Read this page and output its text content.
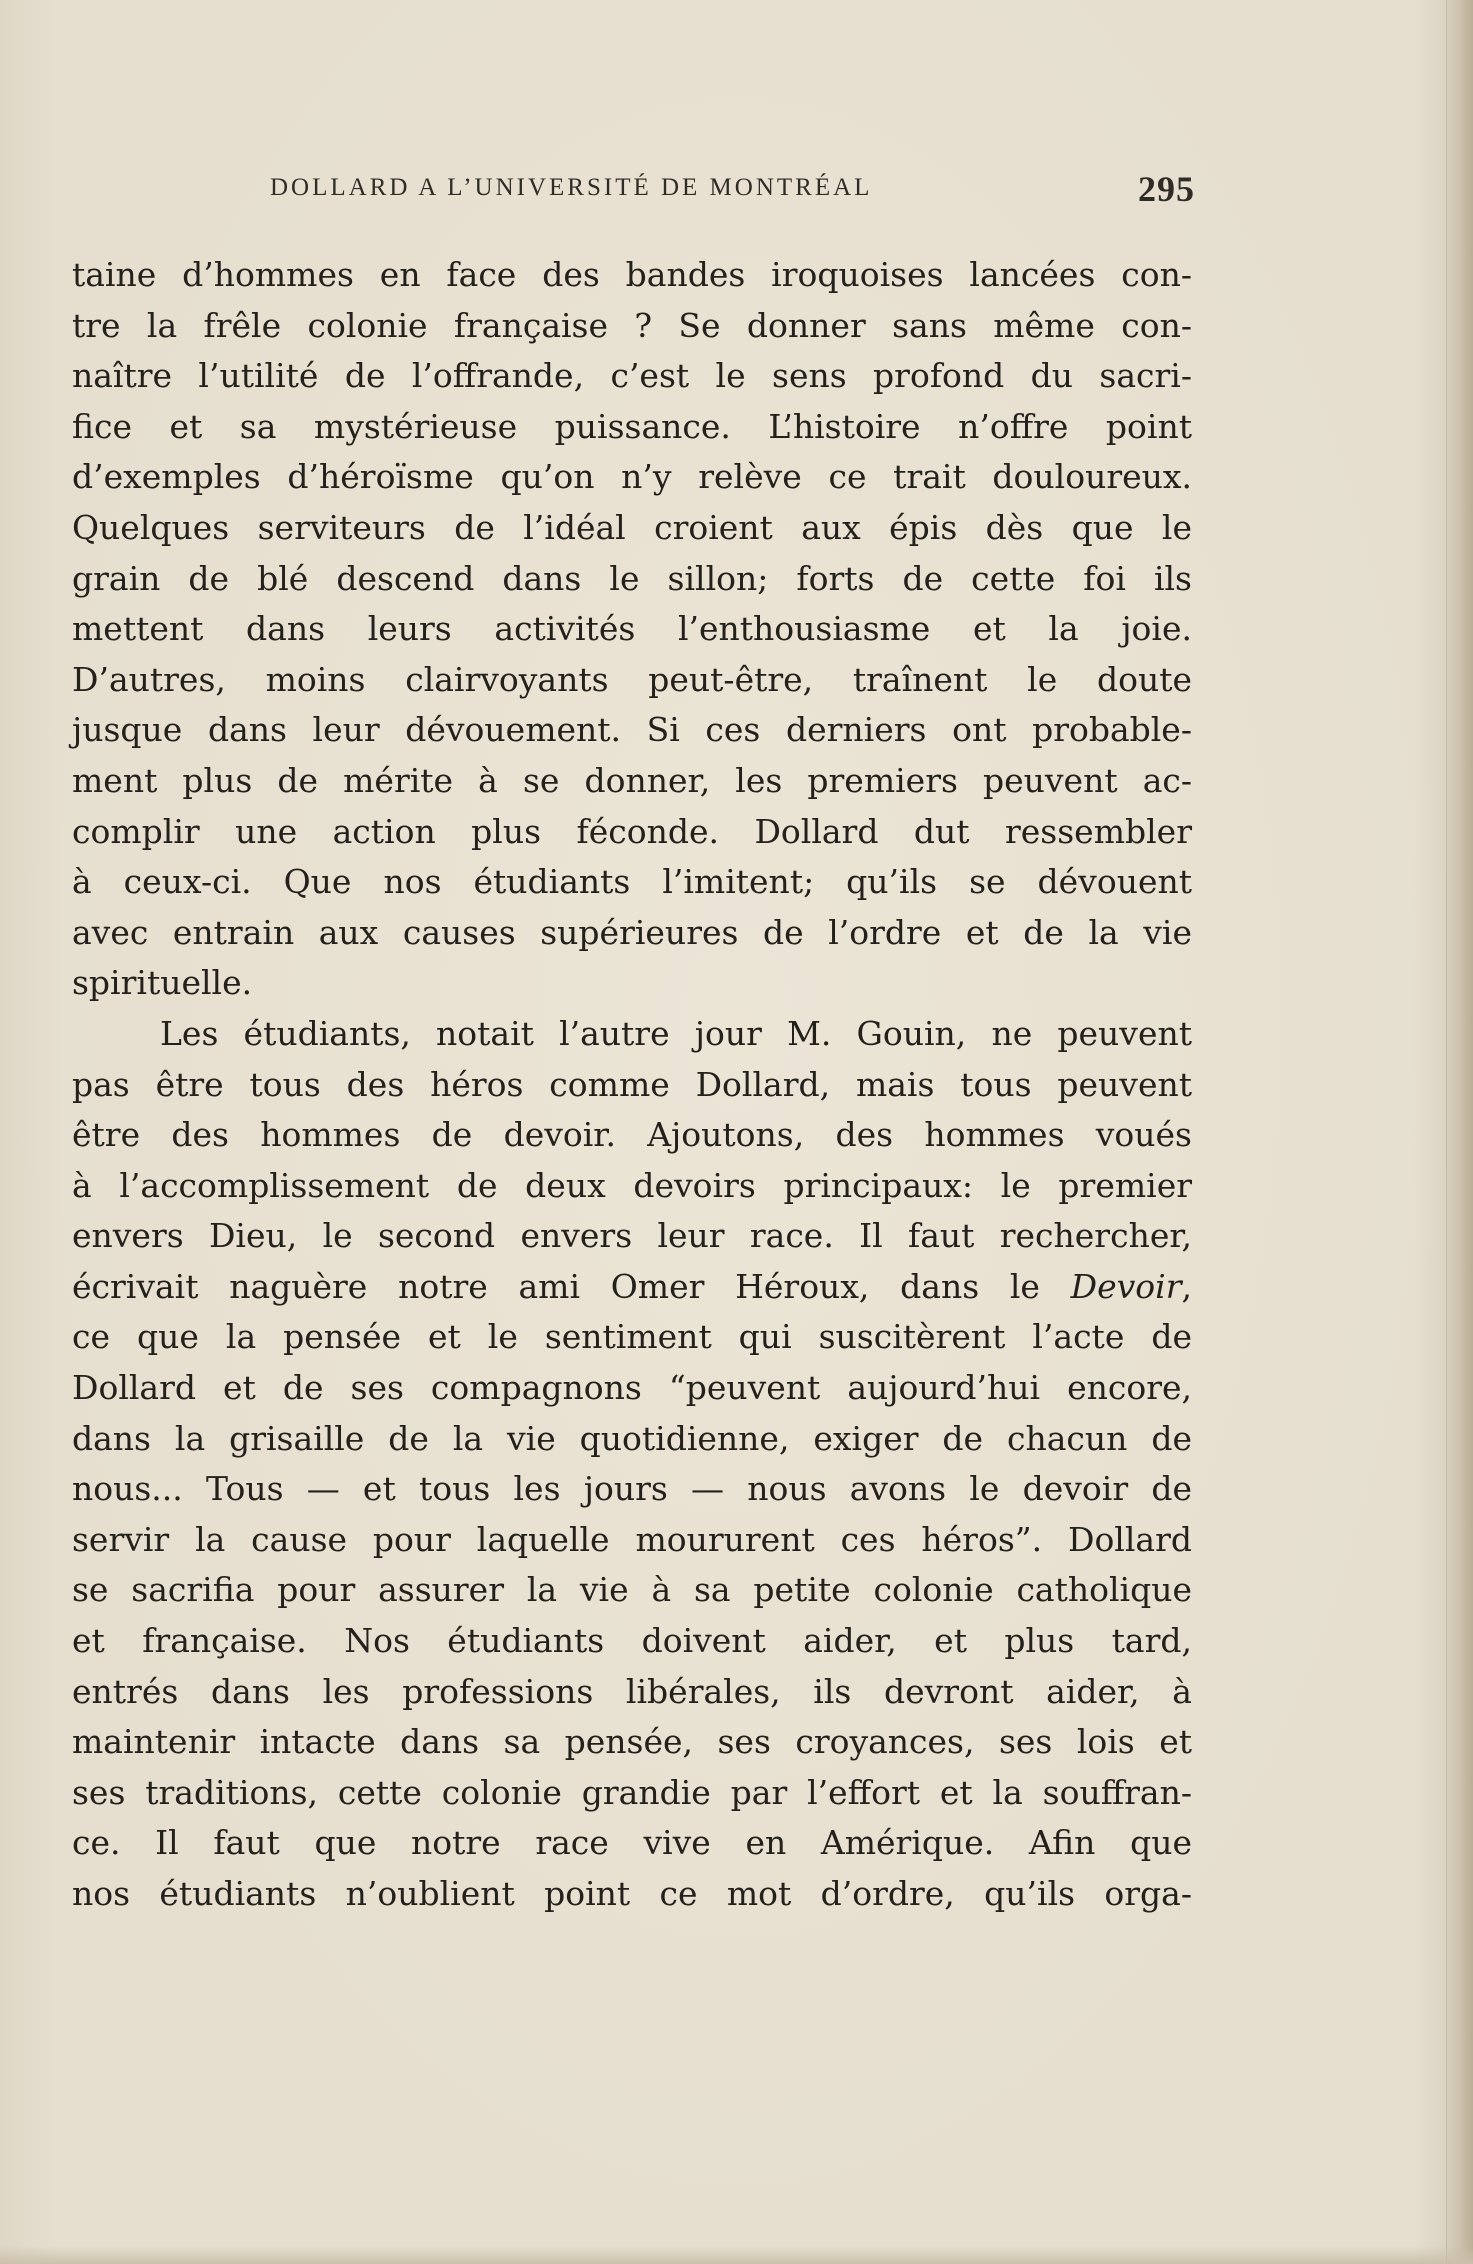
DOLLARD A L’UNIVERSITÉ DE MONTRÉAL	295
taine d’hommes en face des bandes iroquoises lancées con-
tre la frêle colonie française ? Se donner sans même con-
naître l’utilité de l’offrande, c’est le sens profond du sacri-
fice et sa mystérieuse puissance. L’histoire n’offre point
d’exemples d’héroïsme qu’on n’y relève ce trait douloureux.
Quelques serviteurs de l’idéal croient aux épis dès que le
grain de blé descend dans le sillon; forts de cette foi ils
mettent dans leurs activités l’enthousiasme et la joie.
D’autres, moins clairvoyants peut-être, traînent le doute
jusque dans leur dévouement. Si ces derniers ont probable-
ment plus de mérite à se donner, les premiers peuvent ac-
complir une action plus féconde. Dollard dut ressembler
à ceux-ci. Que nos étudiants l’imitent; qu’ils se dévouent
avec entrain aux causes supérieures de l’ordre et de la vie
spirituelle.
Les étudiants, notait l’autre jour M. Gouin, ne peuvent
pas être tous des héros comme Dollard, mais tous peuvent
être des hommes de devoir. Ajoutons, des hommes voués
à l’accomplissement de deux devoirs principaux: le premier
envers Dieu, le second envers leur race. Il faut rechercher,
écrivait naguère notre ami Omer Héroux, dans le Devoir,
ce que la pensée et le sentiment qui suscitèrent l’acte de
Dollard et de ses compagnons “peuvent aujourd’hui encore,
dans la grisaille de la vie quotidienne, exiger de chacun de
nous... Tous — et tous les jours — nous avons le devoir de
servir la cause pour laquelle moururent ces héros”. Dollard
se sacrifia pour assurer la vie à sa petite colonie catholique
et française. Nos étudiants doivent aider, et plus tard,
entrés dans les professions libérales, ils devront aider, à
maintenir intacte dans sa pensée, ses croyances, ses lois et
ses traditions, cette colonie grandie par l’effort et la souffran-
ce. Il faut que notre race vive en Amérique. Afin que
nos étudiants n’oublient point ce mot d’ordre, qu’ils orga-
